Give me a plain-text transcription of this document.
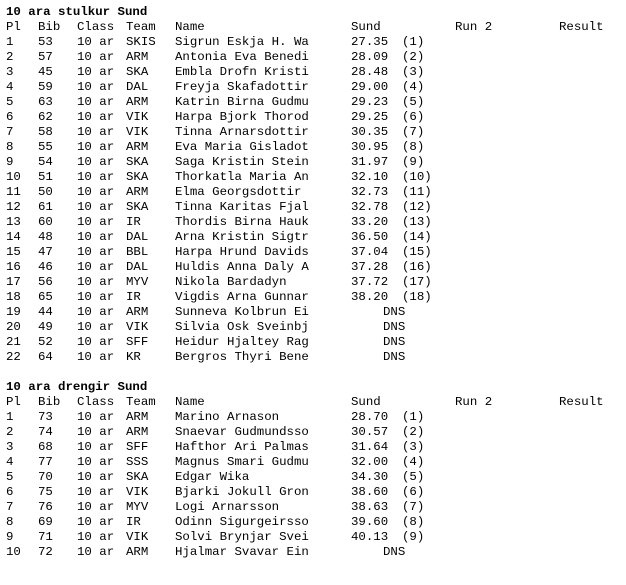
10 ara stulkur Sund
Pl Bib Class Team Name	Sund	Run 2	Result
1 53 10 ar SKIS Sigrun Eskja H. Wa	27.35 (1)
2 57 10 ar ARM Antonia Eva Benedi	28.09 (2)
3 45 10 ar SKA Embla Drofn Kristi	28.48 (3)
4 59 10 ar DAL Freyja Skafadottir	29.00 (4)
5 63 10 ar ARM Katrin Birna Gudmu	29.23 (5)
6 62 10 ar VIK Harpa Bjork Thorod	29.25 (6)
7 58 10 ar VIK Tinna Arnarsdottir	30.35 (7)
8 55 10 ar ARM Eva Maria Gisladot	30.95 (8)
9 54 10 ar SKA Saga Kristin Stein	31.97 (9)
10 51 10 ar SKA Thorkatla Maria An	32.10 (10)
11 50 10 ar ARM Elma Georgsdottir	32.73 (11)
12 61 10 ar SKA Tinna Karitas Fjal	32.78 (12)
13 60 10 ar IR	Thordis Birna Hauk	33.20 (13)
14 48 10 ar DAL Arna Kristin Sigtr	36.50 (14)
15 47 10 ar BBL Harpa Hrund Davids	37.04 (15)
16 46 10 ar DAL Huldis Anna Daly A	37.28 (16)
17 56 10 ar MYV Nikola Bardadyn	37.72 (17)
18 65 10 ar IR	Vigdis Arna Gunnar	38.20 (18)
19 44 10 ar ARM Sunneva Kolbrun Ei	DNS
20 49 10 ar VIK Silvia Osk Sveinbj	DNS
21 52 10 ar SFF Heidur Hjaltey Rag	DNS
22 64 10 ar KR	Bergros Thyri Bene	DNS
10 ara drengir Sund
Pl Bib Class Team Name	Sund	Run 2	Result
1 73 10 ar ARM Marino Arnason	28.70 (1)
2 74 10 ar ARM Snaevar Gudmundsso	30.57 (2)
3 68 10 ar SFF Hafthor Ari Palmas	31.64 (3)
4 77 10 ar SSS Magnus Smari Gudmu	32.00 (4)
5 70 10 ar SKA Edgar Wika	34.30 (5)
6 75 10 ar VIK Bjarki Jokull Gron	38.60 (6)
7 76 10 ar MYV Logi Arnarsson	38.63 (7)
8 69 10 ar IR	Odinn Sigurgeirsso	39.60 (8)
9 71 10 ar VIK Solvi Brynjar Svei	40.13 (9)
10 72 10 ar ARM Hjalmar Svavar Ein	DNS
